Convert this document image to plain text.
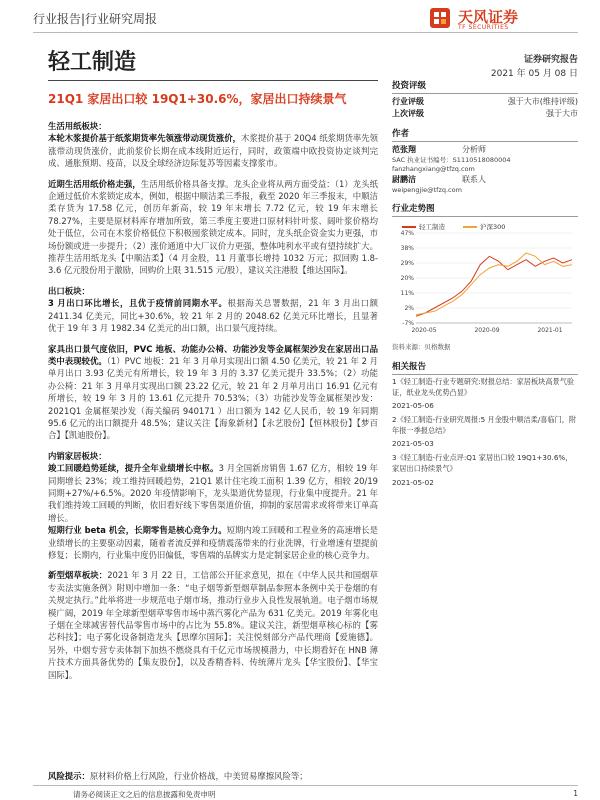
行业报告|行业研究周报	天风证券
TF SECURITIES
轻工制造	证券研究报告
2021 年 05 月 08 日
21Q1 家居出口较 19Q1+30.6%，家居出口持续景气
生活用纸板块：

本轮木浆提价基于纸浆期货率先领涨带动现货涨价，木浆提价基于 20Q4 纸浆期货率先领涨带动现货涨价，此前浆价长期在成本线附近运行，同时，政策端中欧投资协定谈判完成、通胀预期、疫苗，以及全球经济边际复苏等因素支撑浆市。

近期生活用纸价格走强，生活用纸价格具备支撑。龙头企业将从两方面受益：（1）龙头纸企通过低价木浆锁定成本，例如，根据中顺洁柔三季报，截至 2020 年三季报末，中顺洁柔存货为 17.58 亿元，创历年新高，较 19 年末增长 7.72 亿元，较 19 年末增长 78.27%，主要是原材料库存增加所致，第三季度主要进口原材料针叶浆、阔叶浆价格均处于低位，公司在木浆价格低位下积极囤浆锁定成本。同时，龙头纸企资金实力更强，市场份额或进一步提升；（2）涨价通道中大厂议价力更强，整体吨利水平或有望持续扩大。推荐生活用纸龙头【中顺洁柔】（4 月金股，11 月董事长增持 1032 万元；拟回购 1.8-3.6 亿元股份用于激励，回购价上限 31.515 元/股），建议关注港股【维达国际】。

出口板块：

3 月出口环比增长，且优于疫情前同期水平。根据海关总署数据，21 年 3 月出口额 2411.34 亿美元，同比+30.6%，较 21 年 2 月的 2048.62 亿美元环比增长，且显著优于 19 年 3 月 1982.34 亿美元的出口额，出口景气度持续。

家具出口景气度依旧，PVC 地板、功能办公椅、功能沙发等金属框架沙发在家居出口品类中表现较优。（1）PVC 地板：21 年 3 月单月实现出口额 4.50 亿美元，较 21 年 2 月单月出口 3.93 亿美元有所增长，较 19 年 3 月的 3.37 亿美元提升 33.5%；（2）功能办公椅：21 年 3 月单月实现出口额 23.22 亿元，较 21 年 2 月单月出口 16.91 亿元有所增长，较 19 年 3 月的 13.61 亿元提升 70.53%；（3）功能沙发等金属框架沙发：2021Q1 金属框架沙发（海关编码 940171 ）出口额为 142 亿人民币，较 19 年同期 95.6 亿元的出口额提升 48.5%；建议关注【海象新材】【永艺股份】【恒林股份】【梦百合】【凯迪股份】。

内销家居板块：

竣工回暖趋势延续，提升全年业绩增长中枢。3 月全国新房销售 1.67 亿方，相较 19 年同期增长 23%；竣工维持回暖趋势，21Q1 累计住宅竣工面积 1.39 亿方，相较 20/19 同期+27%/+6.5%。2020 年疫情影响下，龙头渠道优势显现，行业集中度提升。21 年我们维持竣工回暖的判断，依旧看好线下零售渠道价值，抑制的家居需求或将带来订单高增长。

短期行业 beta 机会，长期零售是核心竞争力。短期内竣工回暖和工程业务的高速增长是业绩增长的主要驱动因素，随着者流反弹和疫情震荡带来的行业洗牌，行业增速有望提前修复；长期内，行业集中度仍旧偏低，零售端的品牌实力是定制家居企业的核心竞争力。

新型烟草板块：2021 年 3 月 22 日，工信部公开征求意见，拟在《中华人民共和国烟草专卖法实施条例》附则中增加一条：“电子烟等新型烟草制品参照本条例中关于卷烟的有关规定执行。”此举将进一步规范电子烟市场，推动行业步入良性发展轨道。电子烟市场规模广阔，2019 年全球新型烟草零售市场中蒸汽雾化产品为 631 亿美元。2019 年雾化电子烟在全球减害替代品零售市场中的占比为 55.8%。建议关注，新型烟草核心标的【雾芯科技】；电子雾化设备制造龙头【思摩尔国际】；关注悦刻部分产品代理商【爱施德】。另外，中烟专营专卖体制下加热不燃烧具有千亿元市场规模潜力，中长期看好在 HNB 薄片技术方面具备优势的【集友股份】，以及香精香料、传统薄片龙头【华宝股份】、【华宝国际】。

风险提示：原材料价格上行风险，行业价格战，中美贸易摩擦风险等；
投资评级
行业评级	强于大市(维持评级)
上次评级	强于大市
作者
范张翔	分析师
SAC 执业证书编号：S1110518080004
fanzhangxiang@tfzq.com
尉鹏洁	联系人
weipengjie@tfzq.com
行业走势图
轻工制造	沪深300
-7%
2%
11%
20%
29%
38%
47%
2020-05	2020-09	2021-01
资料来源：贝格数据
相关报告
1《轻工制造-行业专题研究:财报总结：家居板块高景气验证，纸业龙头优势凸显》
2021-05-06
2《轻工制造-行业研究周报:5 月金股中顺洁柔/喜临门，附年报一季报总结》
2021-05-03
3《轻工制造-行业点评:Q1 家居出口较 19Q1+30.6%，家居出口持续景气》
2021-05-02
请务必阅读正文之后的信息披露和免责申明	1
